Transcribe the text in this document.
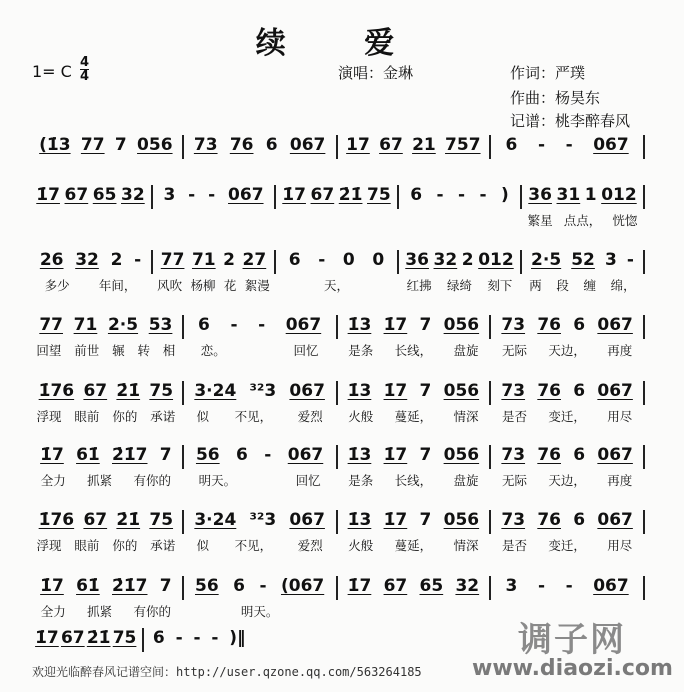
续 爱
1= C $\frac{4}{4}$	演唱：金琳	作词：严璞
作曲：杨昊东
记谱：桃李醉春风
(1̇3 77 7 056 73 76 6 067 17 67 21 757 6 - - 067
1̇7 67 65 32 3 - - 067 1̇7 67 2̇1̇ 75 6 - - - ) 36 31 1 012
繁星 点点， 恍惚
26 32 2 -
多少 年间，
77 71 2 27
风吹 杨柳 花 絮漫
6 - 0 0
天，
36 32 2 012
红拂 绿绮 刻下
2·5 52 3 -
两 段 缠 绵，
77 71 2·5 53
回望 前世 辗 转 相
6 - - 067
恋。	回忆
1̇3 1̇7 7 056
是条 长线， 盘旋
73 76 6 067
无际 天边， 再度
1̇76 67 2̇1̇ 75
浮现 眼前 你的 承诺
3·24 ³²3 067
似 不见， 爱烈
1̇3 1̇7 7 056
火般 蔓延， 情深
73 76 6 067
是否 变迁， 用尽
1̇7 61̇ 2̇1̇7 7
全力 抓紧 有你的
56 6 - 067
明天。	回忆
1̇3 1̇7 7 056
是条 长线， 盘旋
73 76 6 067
无际 天边， 再度
1̇76 67 2̇1̇ 75
浮现 眼前 你的 承诺
3·24 ³²3 067
似 不见， 爱烈
1̇3 1̇7 7 056
火般 蔓延， 情深
73 76 6 067
是否 变迁， 用尽
1̇7 61̇ 2̇1̇7 7
全力 抓紧 有你的
56 6 - (067
明天。
1̇7 67 65 32 3 - - 067
1̇7 67 2̇1̇ 75 6 - - - )‖
欢迎光临醉春风记谱空间：http://user.qzone.qq.com/563264185
调子网
www.diaozi.com
